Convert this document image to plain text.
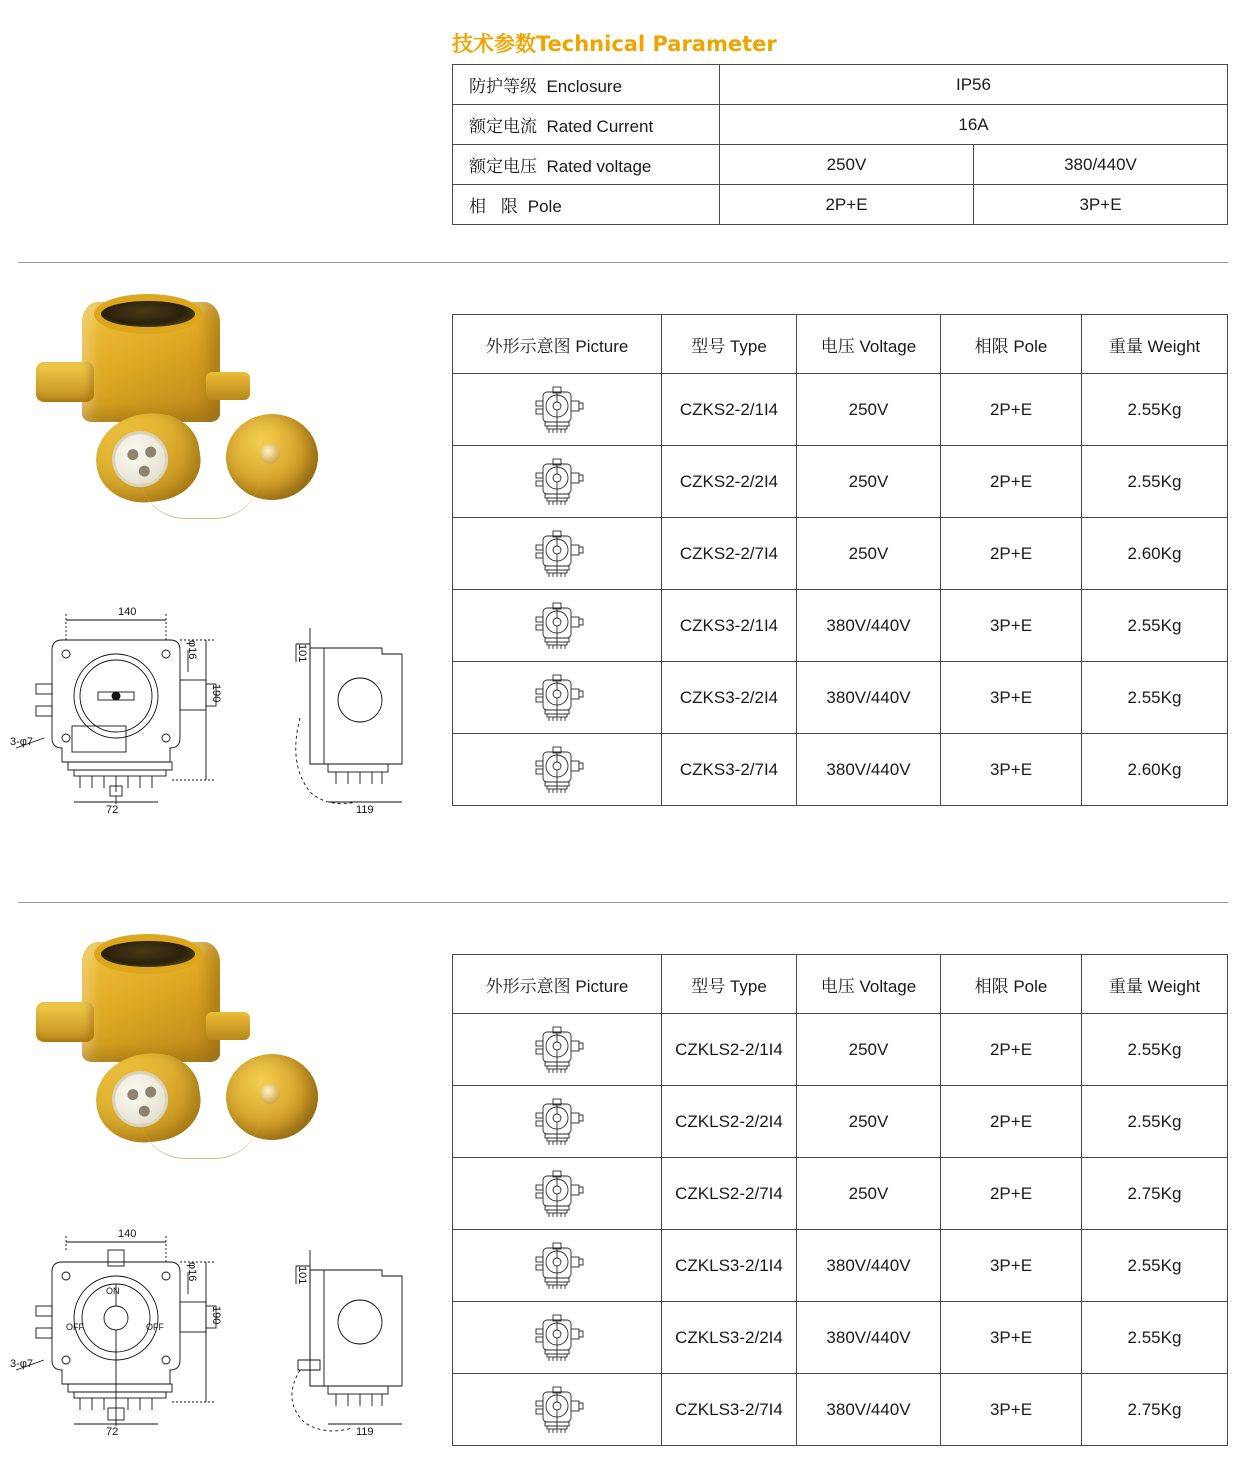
技术参数Technical Parameter
防护等级 Enclosure	IP56	
额定电流 Rated Current	16A	
额定电压 Rated voltage	250V	380/440V
相 限 Pole	2P+E	3P+E
140
190
72
3-φ7
φ16	101
119
140
190
72
3-φ7
φ16	101
119
ON
OFF	OFF
外形示意图 Picture	型号 Type	电压 Voltage	相限 Pole	重量 Weight
	CZKS2-2/1I4	250V	2P+E	2.55Kg
	CZKS2-2/2I4	250V	2P+E	2.55Kg
	CZKS2-2/7I4	250V	2P+E	2.60Kg
	CZKS3-2/1I4	380V/440V	3P+E	2.55Kg
	CZKS3-2/2I4	380V/440V	3P+E	2.55Kg
	CZKS3-2/7I4	380V/440V	3P+E	2.60Kg
外形示意图 Picture	型号 Type	电压 Voltage	相限 Pole	重量 Weight
	CZKLS2-2/1I4	250V	2P+E	2.55Kg
	CZKLS2-2/2I4	250V	2P+E	2.55Kg
	CZKLS2-2/7I4	250V	2P+E	2.75Kg
	CZKLS3-2/1I4	380V/440V	3P+E	2.55Kg
	CZKLS3-2/2I4	380V/440V	3P+E	2.55Kg
	CZKLS3-2/7I4	380V/440V	3P+E	2.75Kg
